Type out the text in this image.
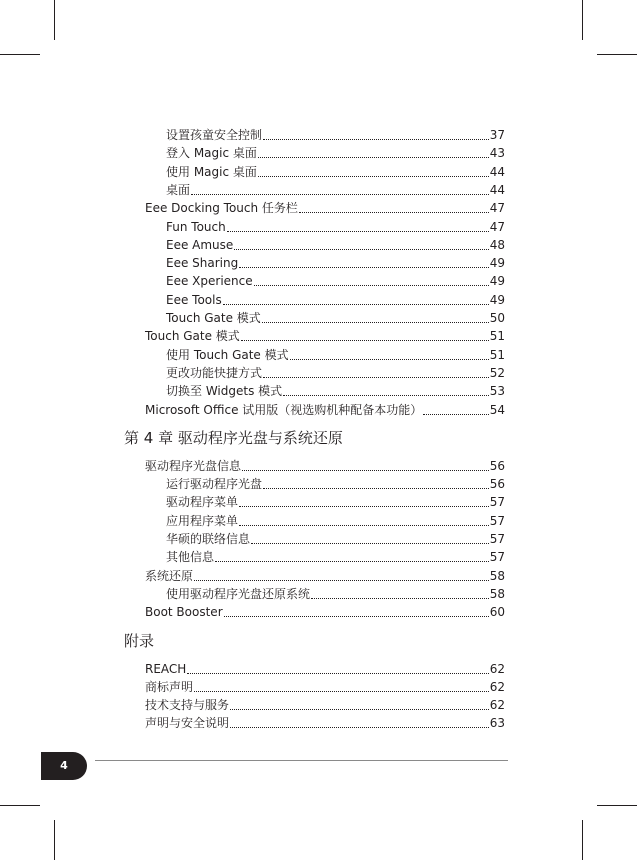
设置孩童安全控制	37
登入 Magic 桌面	43
使用 Magic 桌面	44
桌面	44
Eee Docking Touch 任务栏	47
Fun Touch	47
Eee Amuse	48
Eee Sharing	49
Eee Xperience	49
Eee Tools	49
Touch Gate 模式	50
Touch Gate 模式	51
使用 Touch Gate 模式	51
更改功能快捷方式	52
切换至 Widgets 模式	53
Microsoft Office 试用版（视选购机种配备本功能）	54
第 4 章 驱动程序光盘与系统还原
驱动程序光盘信息	56
运行驱动程序光盘	56
驱动程序菜单	57
应用程序菜单	57
华硕的联络信息	57
其他信息	57
系统还原	58
使用驱动程序光盘还原系统	58
Boot Booster	60
附录
REACH	62
商标声明	62
技术支持与服务	62
声明与安全说明	63
4
